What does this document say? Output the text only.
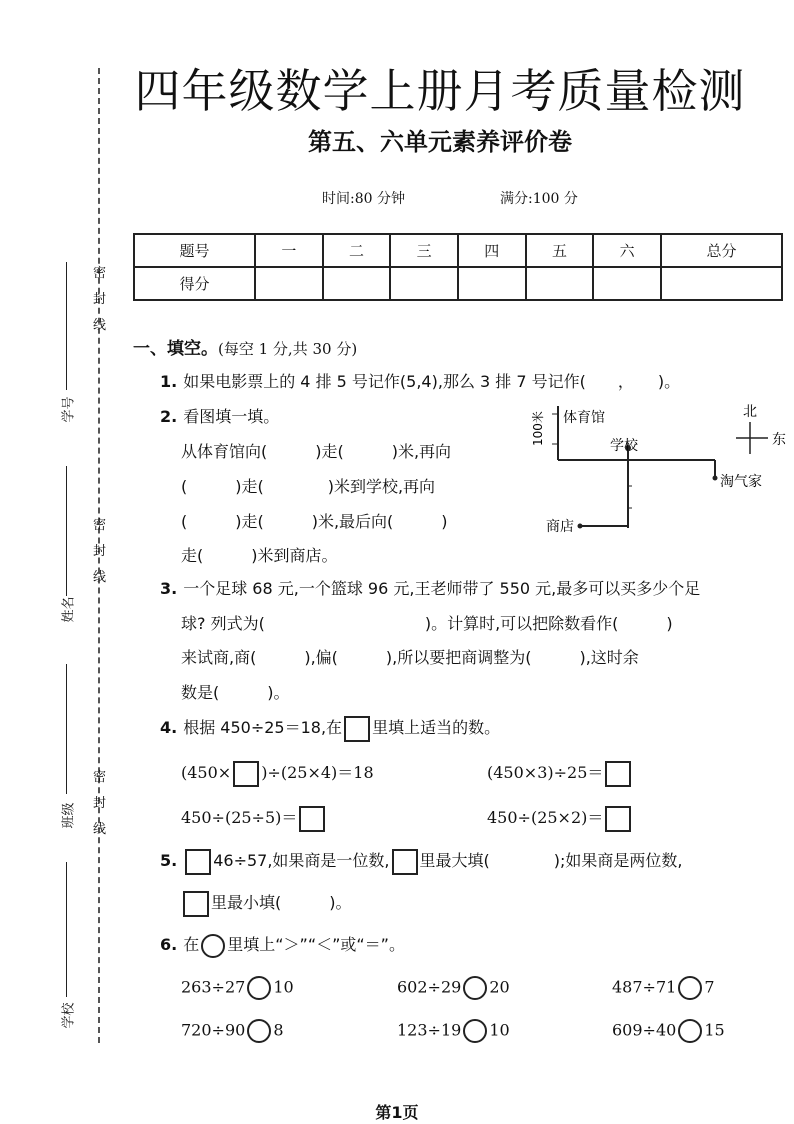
四年级数学上册月考质量检测
第五、六单元素养评价卷
时间:80 分钟	满分:100 分
题号	一	二	三	四	五	六	总分
得分							
密
封
线
密
封
线
密
封
线
学号
姓名
班级
学校
一、填空。(每空 1 分,共 30 分)
1. 如果电影票上的 4 排 5 号记作(5,4),那么 3 排 7 号记作(　　，　　)。
2. 看图填一填。
从体育馆向(　　　)走(　　　)米,再向
(　　　)走(　　　　)米到学校,再向
(　　　)走(　　　)米,最后向(　　　)
走(　　　)米到商店。
100米 体育馆
学校
淘气家
商店
北
东
3. 一个足球 68 元,一个篮球 96 元,王老师带了 550 元,最多可以买多少个足
球? 列式为(　　　　　　　　　　)。计算时,可以把除数看作(　　　)
来试商,商(　　　),偏(　　　),所以要把商调整为(　　　),这时余
数是(　　　)。
4. 根据 450÷25＝18,在 里填上适当的数。
(450× )÷(25×4)＝18	(450×3)÷25＝
450÷(25÷5)＝	450÷(25×2)＝
5. 46÷57,如果商是一位数, 里最大填(　　　　);如果商是两位数,
里最小填(　　　)。
6. 在 里填上“＞”“＜”或“＝”。
263÷27 10	602÷29 20	487÷71 7
720÷90 8	123÷19 10	609÷40 15
第1页
